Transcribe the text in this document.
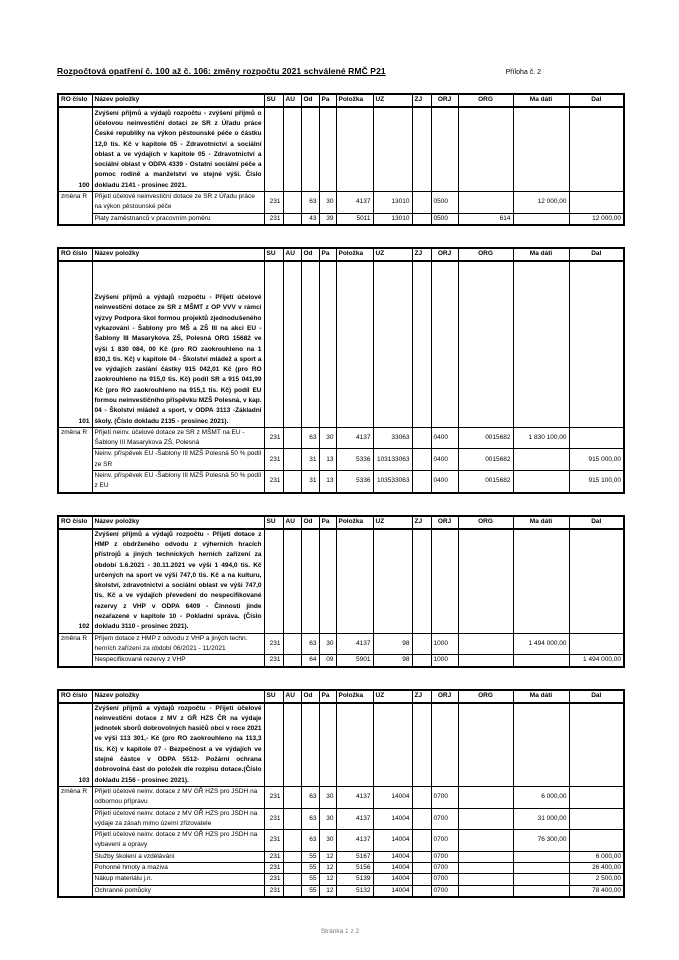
Rozpočtová opatření č. 100 až č. 106: změny rozpočtu 2021 schválené RMČ P21	Příloha č. 2
RO číslo	Název položky	SU	AU	Od	Pa	Položka	UZ	ZJ	ORJ	ORG	Ma dáti	Dal
100	Zvýšení příjmů a výdajů rozpočtu - zvýšení příjmů o účelovou neinvestiční dotaci ze SR z Úřadu práce České republiky na výkon pěstounské péče o částku 12,0 tis. Kč v kapitole 05 - Zdravotnictví a sociální oblast a ve výdajích v kapitole 05 - Zdravotnictví a sociální oblast v ODPA 4339 - Ostatní sociální péče a pomoc rodině a manželství ve stejné výši. Číslo dokladu 2141 - prosinec 2021.											
změna R	Přijetí účelové neinvestiční dotace ze SR z Úřadu práce na výkon pěstounské péče	231		63	30	4137	13010		0500		12 000,00	
	Platy zaměstnanců v pracovním poměru	231		43	39	5011	13010		0500	614		12 000,00
RO číslo	Název položky	SU	AU	Od	Pa	Položka	UZ	ZJ	ORJ	ORG	Ma dáti	Dal
101	Zvýšení příjmů a výdajů rozpočtu - Přijetí účelové neinvestiční dotace ze SR z MŠMT z OP VVV v rámci výzvy Podpora škol formou projektů zjednodušeného vykazování - Šablony pro MŠ a ZŠ III na akci EU - Šablony III Masarykova ZŠ, Polesná ORG 15682 ve výši 1 830 084, 00 Kč (pro RO zaokrouhleno na 1 830,1 tis. Kč) v kapitole 04 - Školství mládež a sport a ve výdajích zaslání částky 915 042,01 Kč (pro RO zaokrouhleno na 915,0 tis. Kč) podíl SR a 915 041,99 Kč (pro RO zaokrouhleno na 915,1 tis. Kč) podíl EU formou neinvestičního příspěvku MZŠ Polesná, v kap. 04 - Školství mládež a sport, v ODPA 3113 -Základní školy. (Číslo dokladu 2135 - prosinec 2021).											
změna R	Přijetí neinv. účelové dotace ze SR z MŠMT na EU - Šablony III Masarykova ZŠ, Polesná	231		63	30	4137	33063		0400	0015682	1 830 100,00	
	Neinv. příspěvek EU -Šablony III MZŠ Polesná 50 % podíl ze SR	231		31	13	5336	103133063		0400	0015682		915 000,00
	Neinv. příspěvek EU -Šablony III MZŠ Polesná 50 % podíl z EU	231		31	13	5336	103533063		0400	0015682		915 100,00
RO číslo	Název položky	SU	AU	Od	Pa	Položka	UZ	ZJ	ORJ	ORG	Ma dáti	Dal
102	Zvýšení příjmů a výdajů rozpočtu - Přijetí dotace z HMP z obdrženého odvodu z výherních hracích přístrojů a jiných technických herních zařízení za období 1.6.2021 - 30.11.2021 ve výši 1 494,0 tis. Kč určených na sport ve výši 747,0 tis. Kč a na kulturu, školství, zdravotnictví a sociální oblast ve výši 747,0 tis. Kč a ve výdajích převedení do nespecifikované rezervy z VHP v ODPA 6409 - Činnosti jinde nezařazené v kapitole 10 - Pokladní správa. (Číslo dokladu 3110 - prosinec 2021).											
změna R	Příjem dotace z HMP z odvodu z VHP a jiných techn. herních zařízení za období 06/2021 - 11/2021	231		63	30	4137	98		1000		1 494 000,00	
	Nespecifikované rezervy z VHP	231		64	09	5901	98		1000			1 494 000,00
RO číslo	Název položky	SU	AU	Od	Pa	Položka	UZ	ZJ	ORJ	ORG	Ma dáti	Dal
103	Zvýšení příjmů a výdajů rozpočtu - Přijetí účelové neinvestiční dotace z MV z GŘ HZS ČR na výdaje jednotek sborů dobrovolných hasičů obcí v roce 2021 ve výši 113 301,- Kč (pro RO zaokrouhleno na 113,3 tis. Kč) v kapitole 07 - Bezpečnost a ve výdajích ve stejné částce v ODPA 5512- Požární ochrana dobrovolná část do položek dle rozpisu dotace.(Číslo dokladu 2156 - prosinec 2021).											
změna R	Přijetí účelové neinv. dotace z MV GŘ HZS pro JSDH na odbornou přípravu	231		63	30	4137	14004		0700		6 000,00	
	Přijetí účelové neinv. dotace z MV GŘ HZS pro JSDH na výdaje za zásah mimo území zřizovatele	231		63	30	4137	14004		0700		31 000,00	
	Přijetí účelové neinv. dotace z MV GŘ HZS pro JSDH na vybavení a opravy	231		63	30	4137	14004		0700		76 300,00	
	Služby školení a vzdělávání	231		55	12	5167	14004		0700			6 000,00
	Pohonné hmoty a maziva	231		55	12	5156	14004		0700			26 400,00
	Nákup materiálu j.n.	231		55	12	5139	14004		0700			2 500,00
	Ochranné pomůcky	231		55	12	5132	14004		0700			78 400,00
Stránka 1 z 2
